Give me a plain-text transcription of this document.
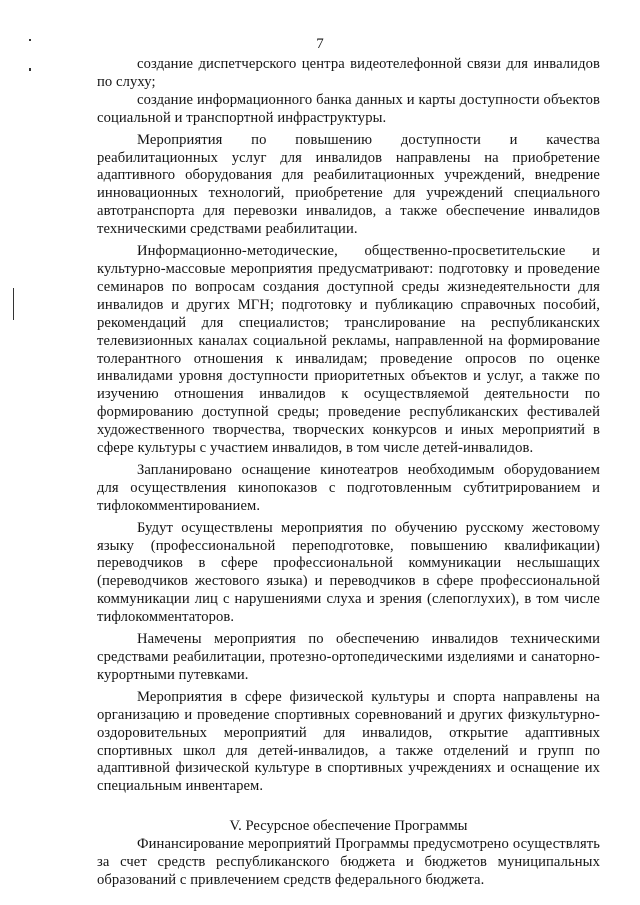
7

создание диспетчерского центра видеотелефонной связи для инвалидов по слуху;

создание информационного банка данных и карты доступности объектов социальной и транспортной инфраструктуры.

Мероприятия по повышению доступности и качества реабилитационных услуг для инвалидов направлены на приобретение адаптивного оборудования для реабилитационных учреждений, внедрение инновационных технологий, приобретение для учреждений специального автотранспорта для перевозки инвалидов, а также обеспечение инвалидов техническими средствами реабилитации.

Информационно-методические, общественно-просветительские и культурно-массовые мероприятия предусматривают: подготовку и проведение семинаров по вопросам создания доступной среды жизнедеятельности для инвалидов и других МГН; подготовку и публикацию справочных пособий, рекомендаций для специалистов; транслирование на республиканских телевизионных каналах социальной рекламы, направленной на формирование толерантного отношения к инвалидам; проведение опросов по оценке инвалидами уровня доступности приоритетных объектов и услуг, а также по изучению отношения инвалидов к осуществляемой деятельности по формированию доступной среды; проведение республиканских фестивалей художественного творчества, творческих конкурсов и иных мероприятий в сфере культуры с участием инвалидов, в том числе детей-инвалидов.

Запланировано оснащение кинотеатров необходимым оборудованием для осуществления кинопоказов с подготовленным субтитрированием и тифлокомментированием.

Будут осуществлены мероприятия по обучению русскому жестовому языку (профессиональной переподготовке, повышению квалификации) переводчиков в сфере профессиональной коммуникации неслышащих (переводчиков жестового языка) и переводчиков в сфере профессиональной коммуникации лиц с нарушениями слуха и зрения (слепоглухих), в том числе тифлокомментаторов.

Намечены мероприятия по обеспечению инвалидов техническими средствами реабилитации, протезно-ортопедическими изделиями и санаторно-курортными путевками.

Мероприятия в сфере физической культуры и спорта направлены на организацию и проведение спортивных соревнований и других физкультурно-оздоровительных мероприятий для инвалидов, открытие адаптивных спортивных школ для детей-инвалидов, а также отделений и групп по адаптивной физической культуре в спортивных учреждениях и оснащение их специальным инвентарем.

V. Ресурсное обеспечение Программы

Финансирование мероприятий Программы предусмотрено осуществлять за счет средств республиканского бюджета и бюджетов муниципальных образований с привлечением средств федерального бюджета.
